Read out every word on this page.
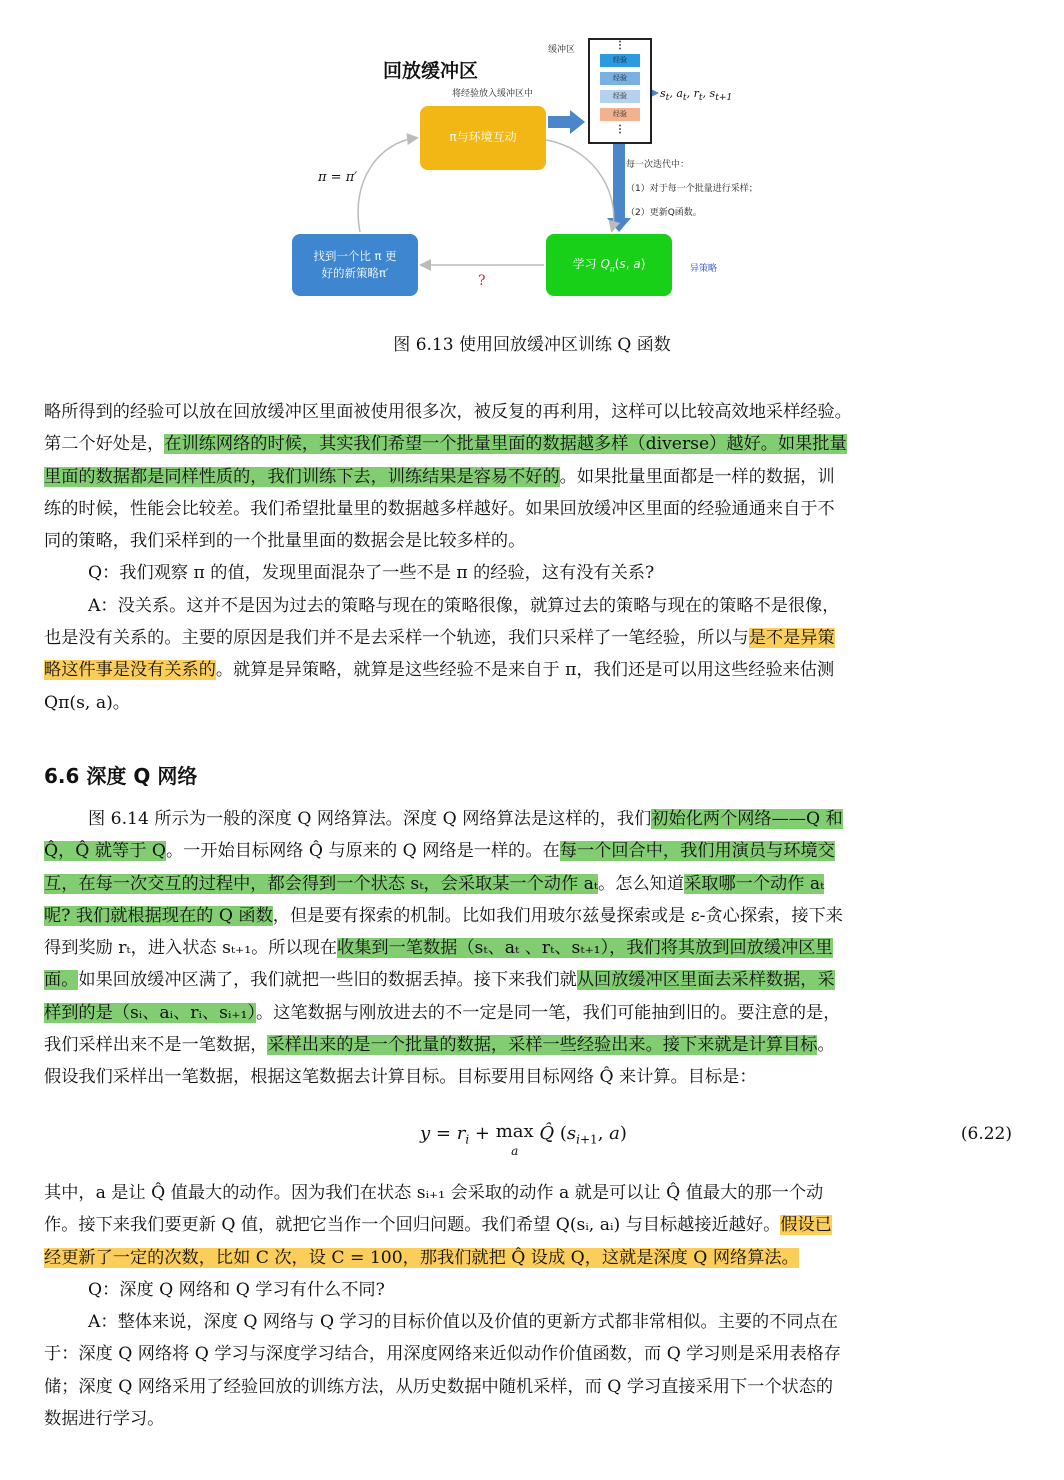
回放缓冲区
缓冲区
将经验放入缓冲区中
⋮
经验
经验
经验
经验
⋮
$s_t$, $a_t$, $r_t$, $s_{t+1}$
π与环境互动
每一次迭代中：
（1）对于每一个批量进行采样；
（2）更新Q函数。
π = π′
找到一个比 π 更
好的新策略π′
学习 $Q_\pi(s$, a)
?
异策略
图 6.13 使用回放缓冲区训练 Q 函数
略所得到的经验可以放在回放缓冲区里面被使用很多次，被反复的再利用，这样可以比较高效地采样经验。
第二个好处是，在训练网络的时候，其实我们希望一个批量里面的数据越多样（diverse）越好。如果批量
里面的数据都是同样性质的，我们训练下去，训练结果是容易不好的。如果批量里面都是一样的数据，训
练的时候，性能会比较差。我们希望批量里的数据越多样越好。如果回放缓冲区里面的经验通通来自于不
同的策略，我们采样到的一个批量里面的数据会是比较多样的。
Q：我们观察 π 的值，发现里面混杂了一些不是 π 的经验，这有没有关系?
A：没关系。这并不是因为过去的策略与现在的策略很像，就算过去的策略与现在的策略不是很像，
也是没有关系的。主要的原因是我们并不是去采样一个轨迹，我们只采样了一笔经验，所以与是不是异策
略这件事是没有关系的。就算是异策略，就算是这些经验不是来自于 π，我们还是可以用这些经验来估测
Qπ(s, a)。
6.6 深度 Q 网络
图 6.14 所示为一般的深度 Q 网络算法。深度 Q 网络算法是这样的，我们初始化两个网络——Q 和
Q̂，Q̂ 就等于 Q。一开始目标网络 Q̂ 与原来的 Q 网络是一样的。在每一个回合中，我们用演员与环境交
互，在每一次交互的过程中，都会得到一个状态 sₜ，会采取某一个动作 aₜ。怎么知道采取哪一个动作 aₜ
呢? 我们就根据现在的 Q 函数，但是要有探索的机制。比如我们用玻尔兹曼探索或是 ε-贪心探索，接下来
得到奖励 rₜ，进入状态 sₜ₊₁。所以现在收集到一笔数据（sₜ、aₜ 、rₜ、sₜ₊₁），我们将其放到回放缓冲区里
面。如果回放缓冲区满了，我们就把一些旧的数据丢掉。接下来我们就从回放缓冲区里面去采样数据，采
样到的是（sᵢ、aᵢ、rᵢ、sᵢ₊₁）。这笔数据与刚放进去的不一定是同一笔，我们可能抽到旧的。要注意的是，
我们采样出来不是一笔数据，采样出来的是一个批量的数据，采样一些经验出来。接下来就是计算目标。
假设我们采样出一笔数据，根据这笔数据去计算目标。目标要用目标网络 Q̂ 来计算。目标是：
$y = r_i + \max$
a Q̂ ($s_{i+1}$, a)	(6.22)
其中，a 是让 Q̂ 值最大的动作。因为我们在状态 sᵢ₊₁ 会采取的动作 a 就是可以让 Q̂ 值最大的那一个动
作。接下来我们要更新 Q 值，就把它当作一个回归问题。我们希望 Q(sᵢ, aᵢ) 与目标越接近越好。假设已
经更新了一定的次数，比如 C 次，设 C = 100，那我们就把 Q̂ 设成 Q，这就是深度 Q 网络算法。
Q：深度 Q 网络和 Q 学习有什么不同?
A：整体来说，深度 Q 网络与 Q 学习的目标价值以及价值的更新方式都非常相似。主要的不同点在
于：深度 Q 网络将 Q 学习与深度学习结合，用深度网络来近似动作价值函数，而 Q 学习则是采用表格存
储；深度 Q 网络采用了经验回放的训练方法，从历史数据中随机采样，而 Q 学习直接采用下一个状态的
数据进行学习。
